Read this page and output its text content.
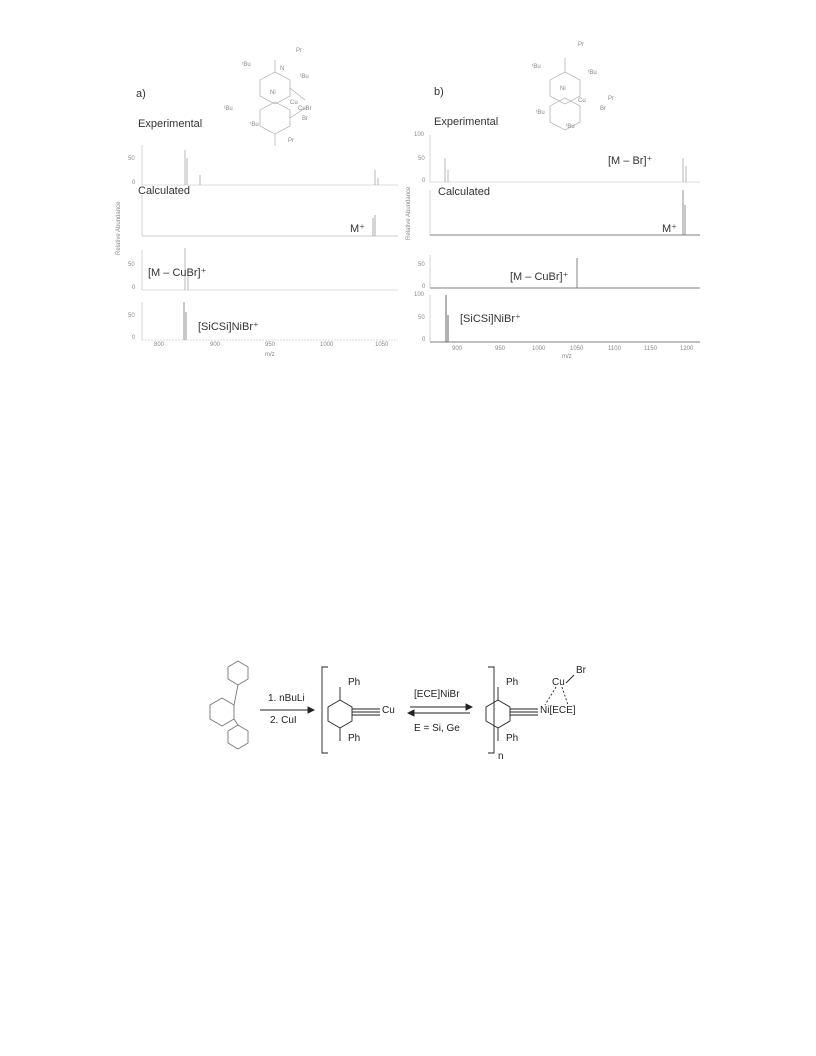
a)
Experimental
Calculated
M⁺
[M – CuBr]⁺
[SiCSi]NiBr⁺
Relative Abundance
m/z
800	900	950	1000	1050
50
0
50
0
50
0
Pr
ᵗBu
N
ᵗBu
Ni
Cu
ᵗBu
ᵗBu
CuBr
Br
Pr
b)
Experimental
Calculated
[M – Br]⁺
M⁺
[M – CuBr]⁺
[SiCSi]NiBr⁺
Relative Abundance
m/z
900	950	1000	1050	1100	1150	1200
100
50
0
50
0
100
50
0
Pr
ᵗBu
Ni
ᵗBu
Cu	Pr
Br
ᵗBu
ᵗBu
1. nBuLi
2. CuI
Ph
Ph
Cu
n
[ECE]NiBr
E = Si, Ge
Ph
Ph
Cu
Br
Ni[ECE]
